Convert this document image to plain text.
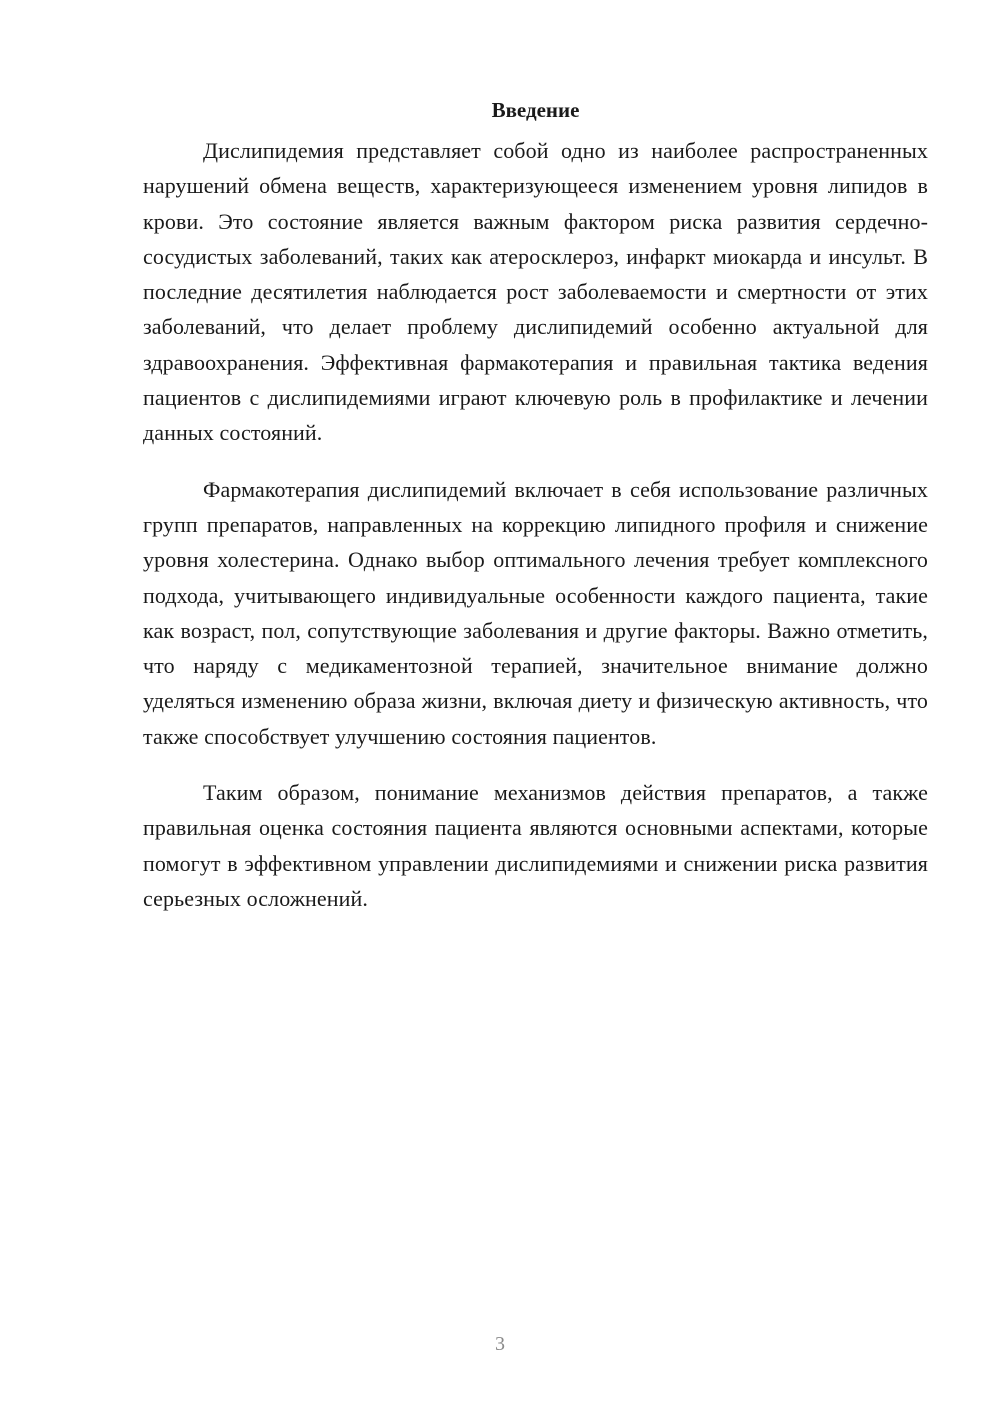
Введение

Дислипидемия представляет собой одно из наиболее распространенных нарушений обмена веществ, характеризующееся изменением уровня липидов в крови. Это состояние является важным фактором риска развития сердечно-сосудистых заболеваний, таких как атеросклероз, инфаркт миокарда и инсульт. В последние десятилетия наблюдается рост заболеваемости и смертности от этих заболеваний, что делает проблему дислипидемий особенно актуальной для здравоохранения. Эффективная фармакотерапия и правильная тактика ведения пациентов с дислипидемиями играют ключевую роль в профилактике и лечении данных состояний.

Фармакотерапия дислипидемий включает в себя использование различных групп препаратов, направленных на коррекцию липидного профиля и снижение уровня холестерина. Однако выбор оптимального лечения требует комплексного подхода, учитывающего индивидуальные особенности каждого пациента, такие как возраст, пол, сопутствующие заболевания и другие факторы. Важно отметить, что наряду с медикаментозной терапией, значительное внимание должно уделяться изменению образа жизни, включая диету и физическую активность, что также способствует улучшению состояния пациентов.

Таким образом, понимание механизмов действия препаратов, а также правильная оценка состояния пациента являются основными аспектами, которые помогут в эффективном управлении дислипидемиями и снижении риска развития серьезных осложнений.

3
